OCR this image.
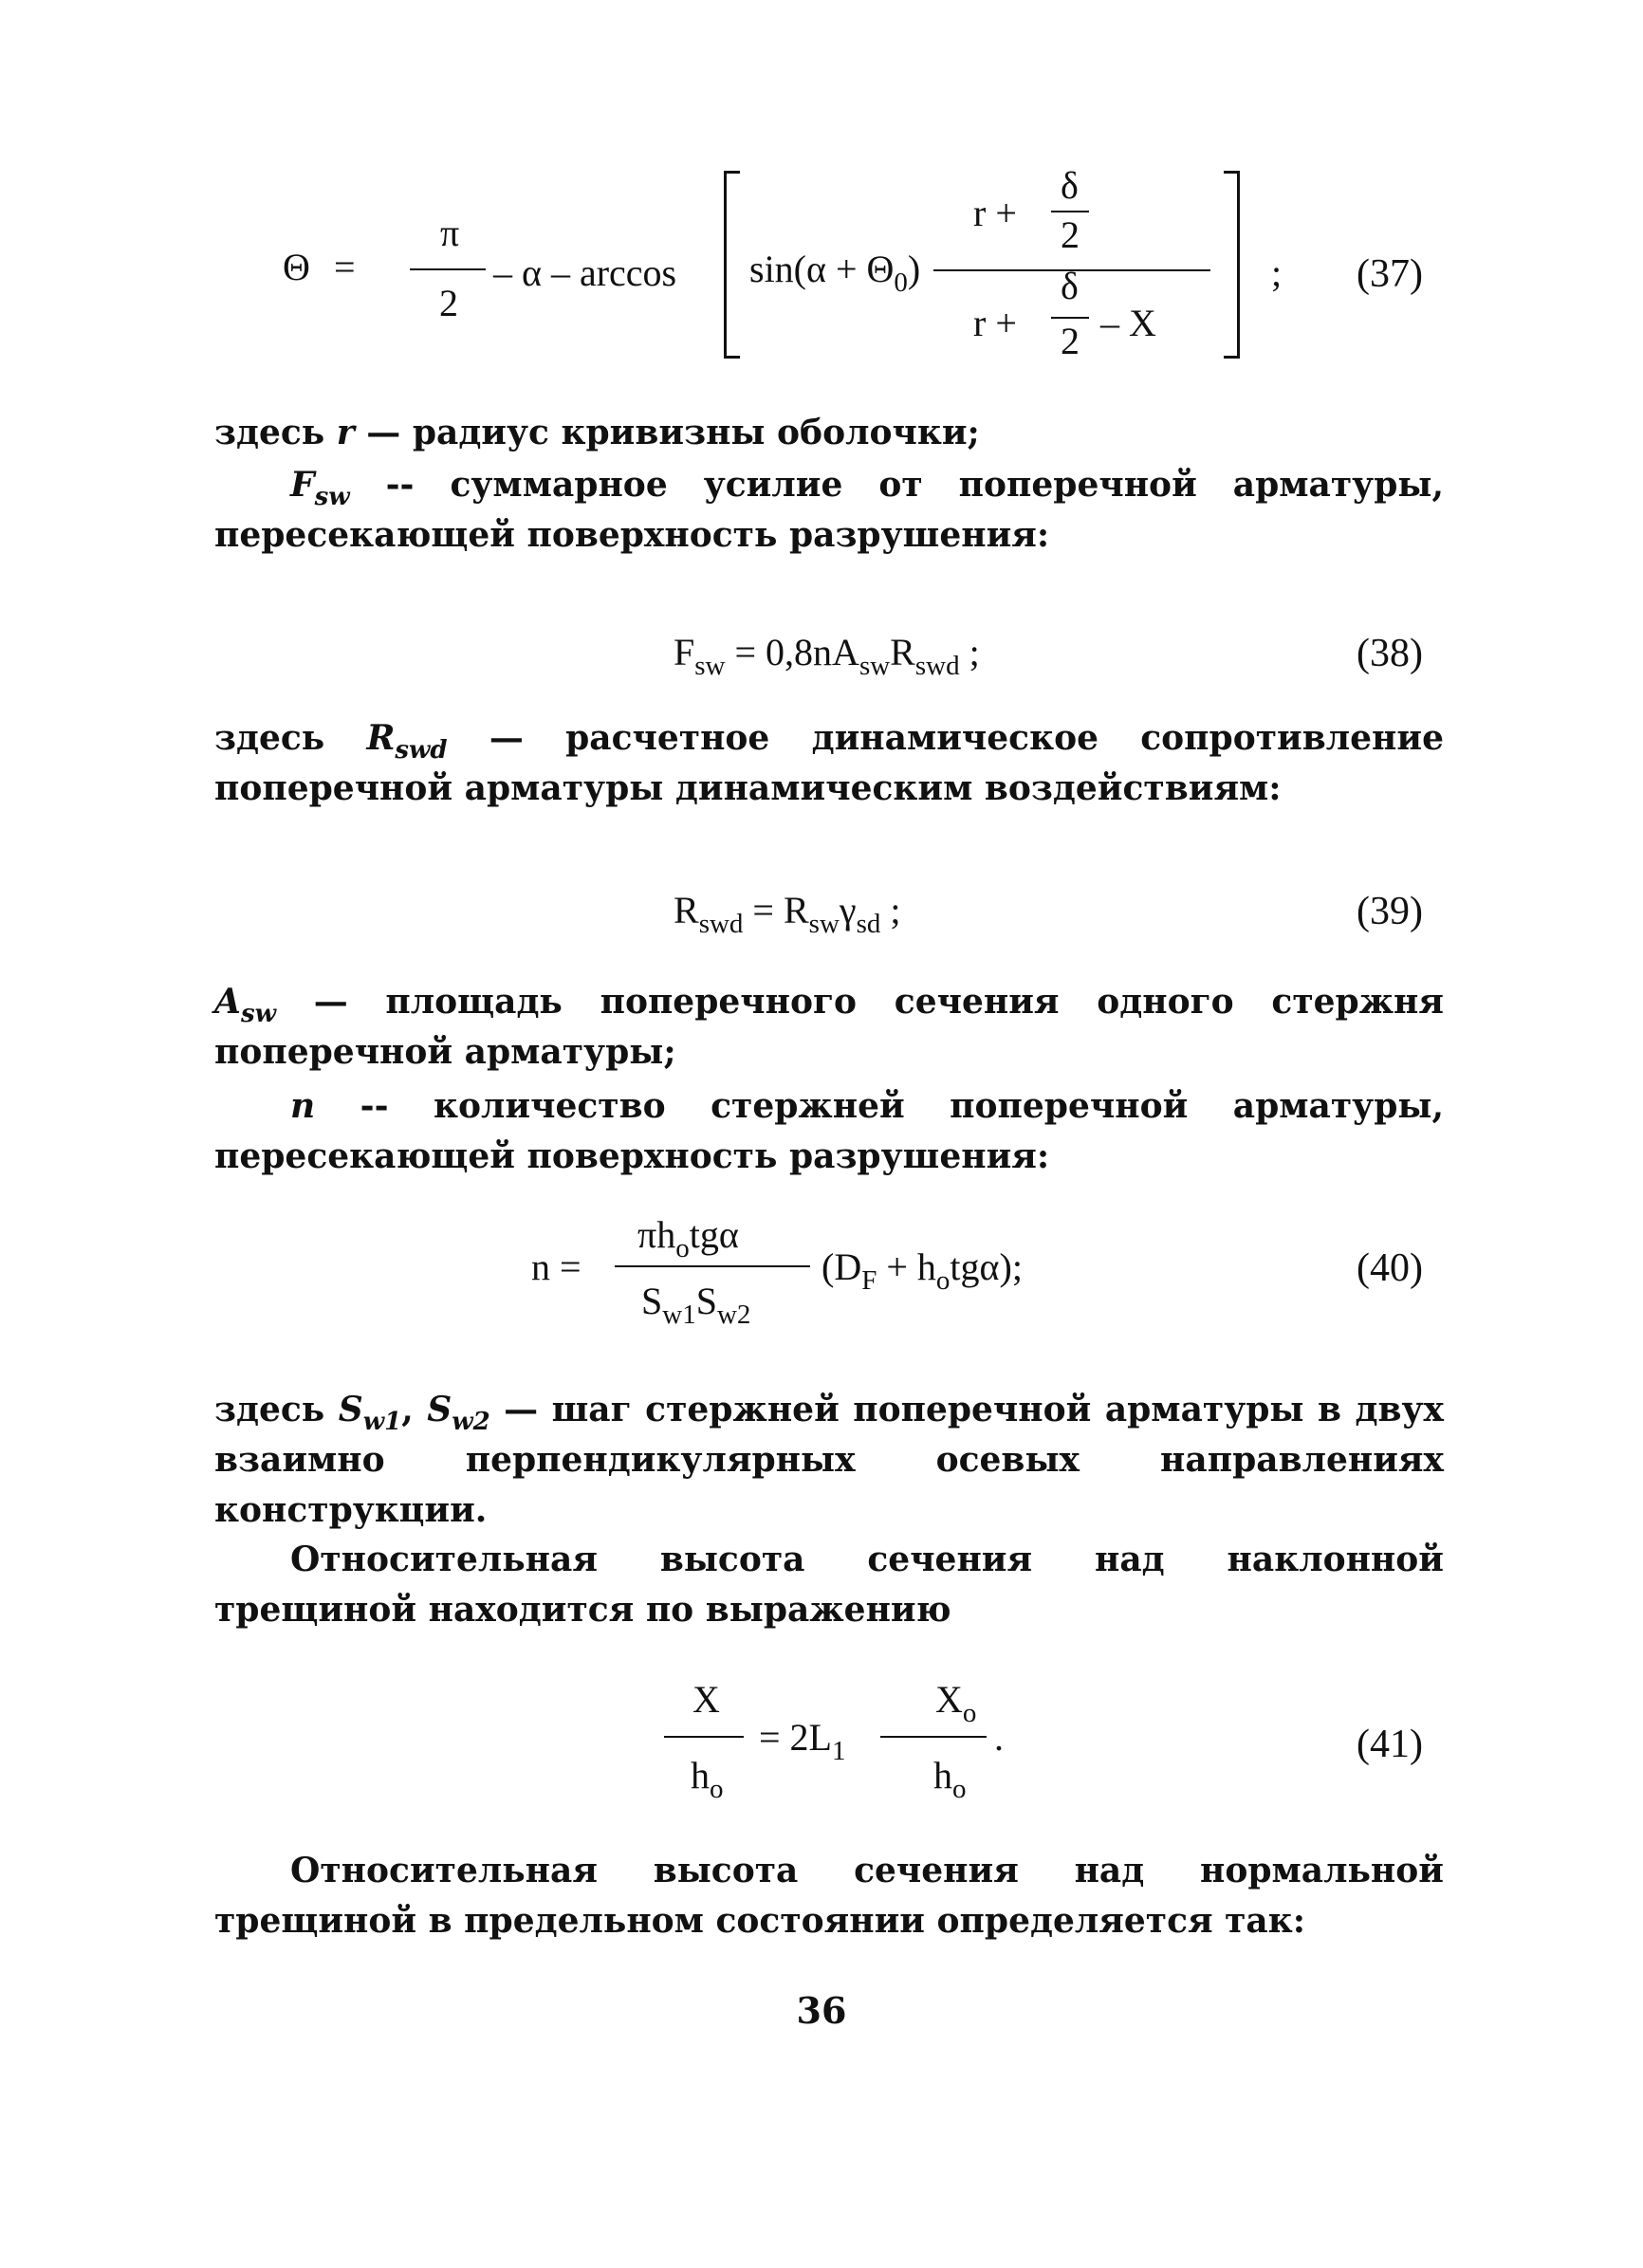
Θ =
π
2
– α – arccos
δ
r +
2
$\sin(\alpha + \Theta_0)$	δ
r + 2 – X
; (37)
здесь r — радиус кривизны оболочки;
$F_{sw}$ -- суммарное усилие от поперечной арматуры, пересекающей поверхность разрушения:
$F_{sw} = 0,8nA_{sw}R_{swd}$ ;	(38)
здесь $R_{swd}$ — расчетное динамическое сопротивление поперечной арматуры динамическим воздействиям:
$R_{swd} = R_{sw}\gamma_{sd}$ ;	(39)
$A_{sw}$ — площадь поперечного сечения одного стержня поперечной арматуры;
n -- количество стержней поперечной арматуры, пересекающей поверхность разрушения:
n =
$\pi h_otg\alpha$
$S_{w1}S_{w2}$
$(D_F + h_otg\alpha)$;	(40)
здесь $S_{w1}$, $S_{w2}$ — шаг стержней поперечной арматуры в двух взаимно перпендикулярных осевых направлениях конструкции.
Относительная высота сечения над наклонной трещиной находится по выражению
X
$h_o$
= $2L_1$
$X_o$
$h_o$
.	(41)
Относительная высота сечения над нормальной трещиной в предельном состоянии определяется так:
36
